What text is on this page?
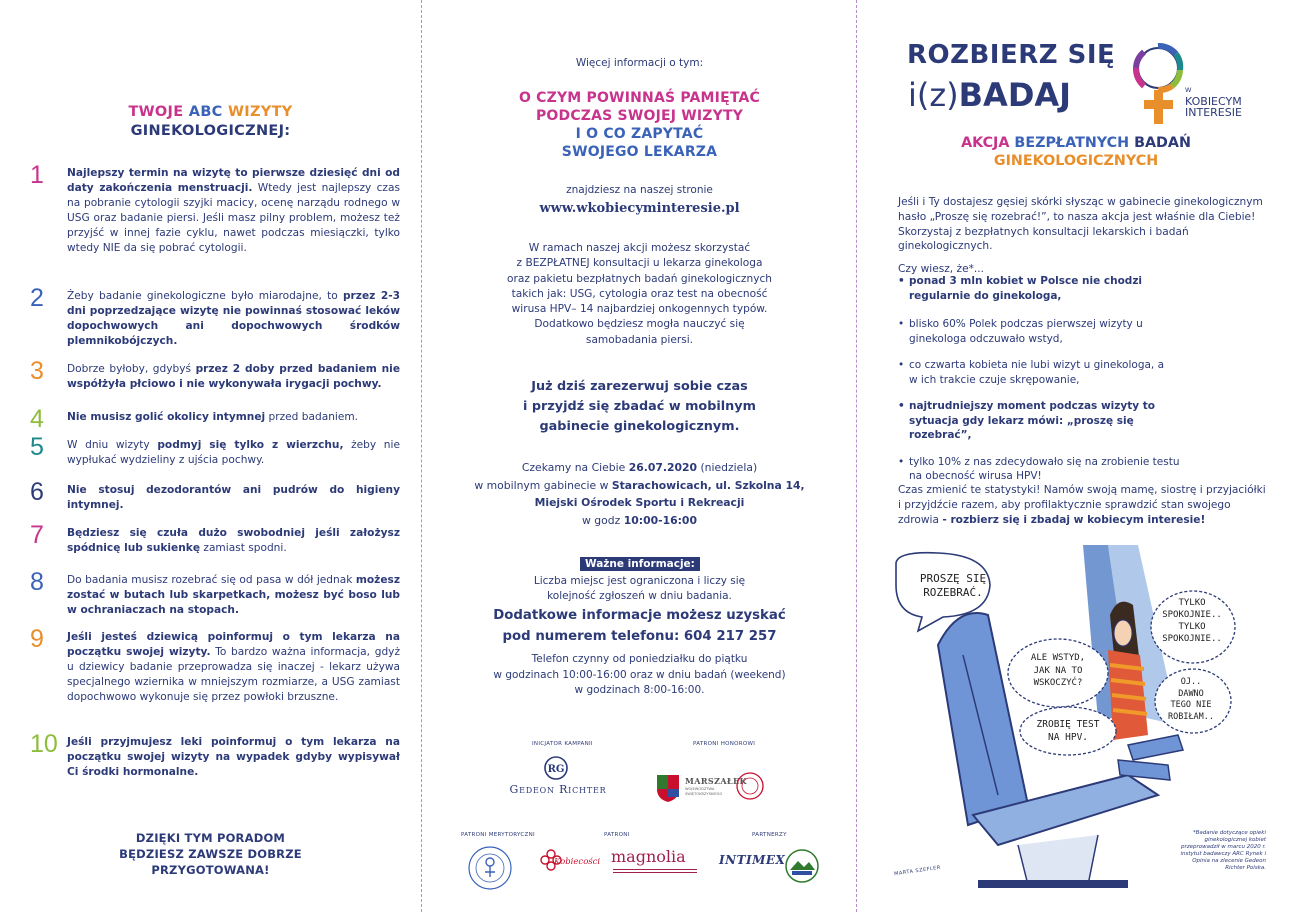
TWOJE ABC WIZYTY
GINEKOLOGICZNEJ:
1 Najlepszy termin na wizytę to pierwsze dziesięć dni od daty zakończenia menstruacji. Wtedy jest najlepszy czas na pobranie cytologii szyjki macicy, ocenę narządu rodnego w USG oraz badanie piersi. Jeśli masz pilny problem, możesz też przyjść w innej fazie cyklu, nawet podczas miesiączki, tylko wtedy NIE da się pobrać cytologii.
2 Żeby badanie ginekologiczne było miarodajne, to przez 2-3 dni poprzedzające wizytę nie powinnaś stosować leków dopochwowych ani dopochwowych środków plemnikobójczych.
3 Dobrze byłoby, gdybyś przez 2 doby przed badaniem nie współżyła płciowo i nie wykonywała irygacji pochwy.
4 Nie musisz golić okolicy intymnej przed badaniem.
5 W dniu wizyty podmyj się tylko z wierzchu, żeby nie wypłukać wydzieliny z ujścia pochwy.
6 Nie stosuj dezodorantów ani pudrów do higieny intymnej.
7 Będziesz się czuła dużo swobodniej jeśli założysz spódnicę lub sukienkę zamiast spodni.
8 Do badania musisz rozebrać się od pasa w dół jednak możesz zostać w butach lub skarpetkach, możesz być boso lub w ochraniaczach na stopach.
9 Jeśli jesteś dziewicą poinformuj o tym lekarza na początku swojej wizyty. To bardzo ważna informacja, gdyż u dziewicy badanie przeprowadza się inaczej - lekarz używa specjalnego wziernika w mniejszym rozmiarze, a USG zamiast dopochwowo wykonuje się przez powłoki brzuszne.
10 Jeśli przyjmujesz leki poinformuj o tym lekarza na początku swojej wizyty na wypadek gdyby wypisywał Ci środki hormonalne.
DZIĘKI TYM PORADOM
BĘDZIESZ ZAWSZE DOBRZE
PRZYGOTOWANA!
Więcej informacji o tym:
O CZYM POWINNAŚ PAMIĘTAĆ
PODCZAS SWOJEJ WIZYTY
I O CO ZAPYTAĆ
SWOJEGO LEKARZA
znajdziesz na naszej stronie
www.wkobiecyminteresie.pl
W ramach naszej akcji możesz skorzystać
z BEZPŁATNEJ konsultacji u lekarza ginekologa
oraz pakietu bezpłatnych badań ginekologicznych
takich jak: USG, cytologia oraz test na obecność
wirusa HPV– 14 najbardziej onkogennych typów.
Dodatkowo będziesz mogła nauczyć się
samobadania piersi.
Już dziś zarezerwuj sobie czas
i przyjdź się zbadać w mobilnym
gabinecie ginekologicznym.
Czekamy na Ciebie 26.07.2020 (niedziela)
w mobilnym gabinecie w Starachowicach, ul. Szkolna 14,
Miejski Ośrodek Sportu i Rekreacji
w godz 10:00-16:00
Ważne informacje:
Liczba miejsc jest ograniczona i liczy się
kolejność zgłoszeń w dniu badania.
Dodatkowe informacje możesz uzyskać
pod numerem telefonu: 604 217 257
Telefon czynny od poniedziałku do piątku
w godzinach 10:00-16:00 oraz w dniu badań (weekend)
w godzinach 8:00-16:00.
INICJATOR KAMPANII	PATRONI HONOROWI
PATRONI MERYTORYCZNI	PATRONI	PARTNERZY
RG
Gedeon Richter
MARSZAŁEK
WOJEWÓDZTWA ŚWIĘTOKRZYSKIEGO
Kobiecości magnolia	INTIMEX
ROZBIERZ SIĘ
i(z)BADAJ	W
KOBIECYM
INTERESIE
AKCJA BEZPŁATNYCH BADAŃ
GINEKOLOGICZNYCH
Jeśli i Ty dostajesz gęsiej skórki słysząc w gabinecie ginekologicznym hasło „Proszę się rozebrać!”, to nasza akcja jest właśnie dla Ciebie! Skorzystaj z bezpłatnych konsultacji lekarskich i badań ginekologicznych.
Czy wiesz, że*...
• ponad 3 mln kobiet w Polsce nie chodzi regularnie do ginekologa,
• blisko 60% Polek podczas pierwszej wizyty u ginekologa odczuwało wstyd,
• co czwarta kobieta nie lubi wizyt u ginekologa, a w ich trakcie czuje skrępowanie,
• najtrudniejszy moment podczas wizyty to sytuacja gdy lekarz mówi: „proszę się rozebrać”,
• tylko 10% z nas zdecydowało się na zrobienie testu na obecność wirusa HPV!
Czas zmienić te statystyki! Namów swoją mamę, siostrę i przyjaciółki i przyjdźcie razem, aby profilaktycznie sprawdzić stan swojego zdrowia - rozbierz się i zbadaj w kobiecym interesie!
PROSZĘ SIĘ
ROZEBRAĆ.
TYLKO
SPOKOJNIE..
TYLKO
SPOKOJNIE..
ALE WSTYD,
JAK NA TO
WSKOCZYĆ?	OJ..
DAWNO
TEGO NIE
ROBIŁAM..
ZROBIĘ TEST
NA HPV.
MARTA SZEFLER
*Badanie dotyczące opieki ginekologicznej kobiet przeprowadził w marcu 2020 r. instytut badawczy ARC Rynek i Opinia na zlecenie Gedeon Richter Polska.
